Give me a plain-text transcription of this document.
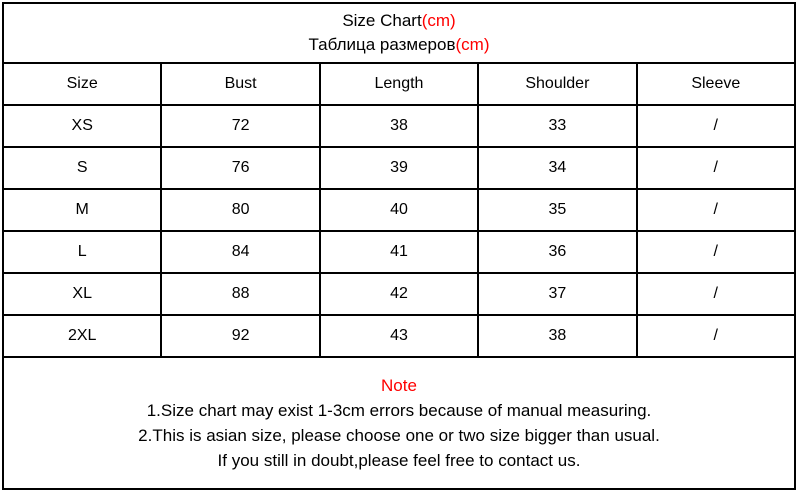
Size Chart(cm)
Таблица размеров(cm)				

Size	Bust	Length	Shoulder	Sleeve
XS	72	38	33	/
S	76	39	34	/
M	80	40	35	/
L	84	41	36	/
XL	88	42	37	/
2XL	92	43	38	/

Note
1.Size chart may exist 1-3cm errors because of manual measuring.
2.This is asian size, please choose one or two size bigger than usual.
If you still in doubt,please feel free to contact us.				
